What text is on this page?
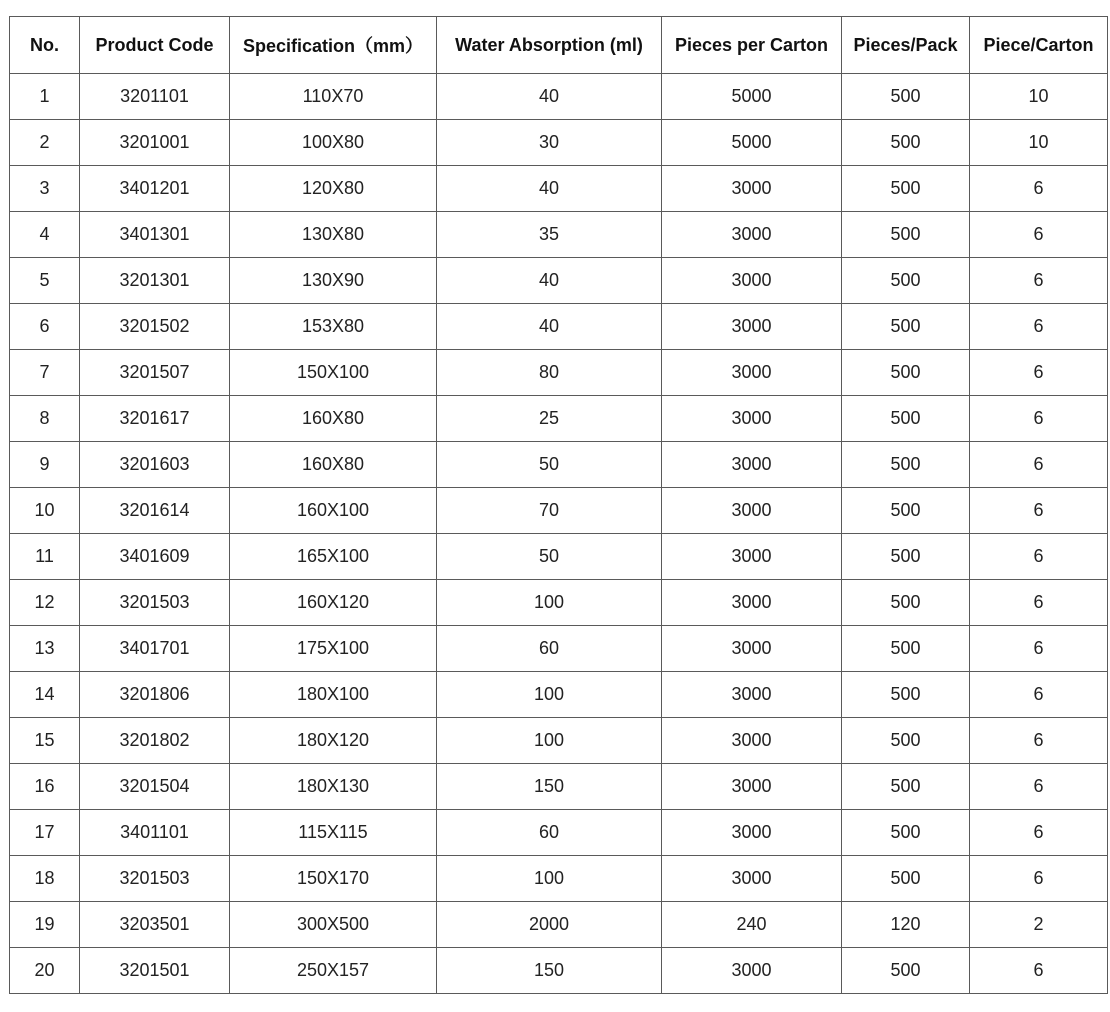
No.	Product Code	Specification（mm）	Water Absorption (ml)	Pieces per Carton	Pieces/Pack	Piece/Carton
1	3201101	110X70	40	5000	500	10
2	3201001	100X80	30	5000	500	10
3	3401201	120X80	40	3000	500	6
4	3401301	130X80	35	3000	500	6
5	3201301	130X90	40	3000	500	6
6	3201502	153X80	40	3000	500	6
7	3201507	150X100	80	3000	500	6
8	3201617	160X80	25	3000	500	6
9	3201603	160X80	50	3000	500	6
10	3201614	160X100	70	3000	500	6
11	3401609	165X100	50	3000	500	6
12	3201503	160X120	100	3000	500	6
13	3401701	175X100	60	3000	500	6
14	3201806	180X100	100	3000	500	6
15	3201802	180X120	100	3000	500	6
16	3201504	180X130	150	3000	500	6
17	3401101	115X115	60	3000	500	6
18	3201503	150X170	100	3000	500	6
19	3203501	300X500	2000	240	120	2
20	3201501	250X157	150	3000	500	6
